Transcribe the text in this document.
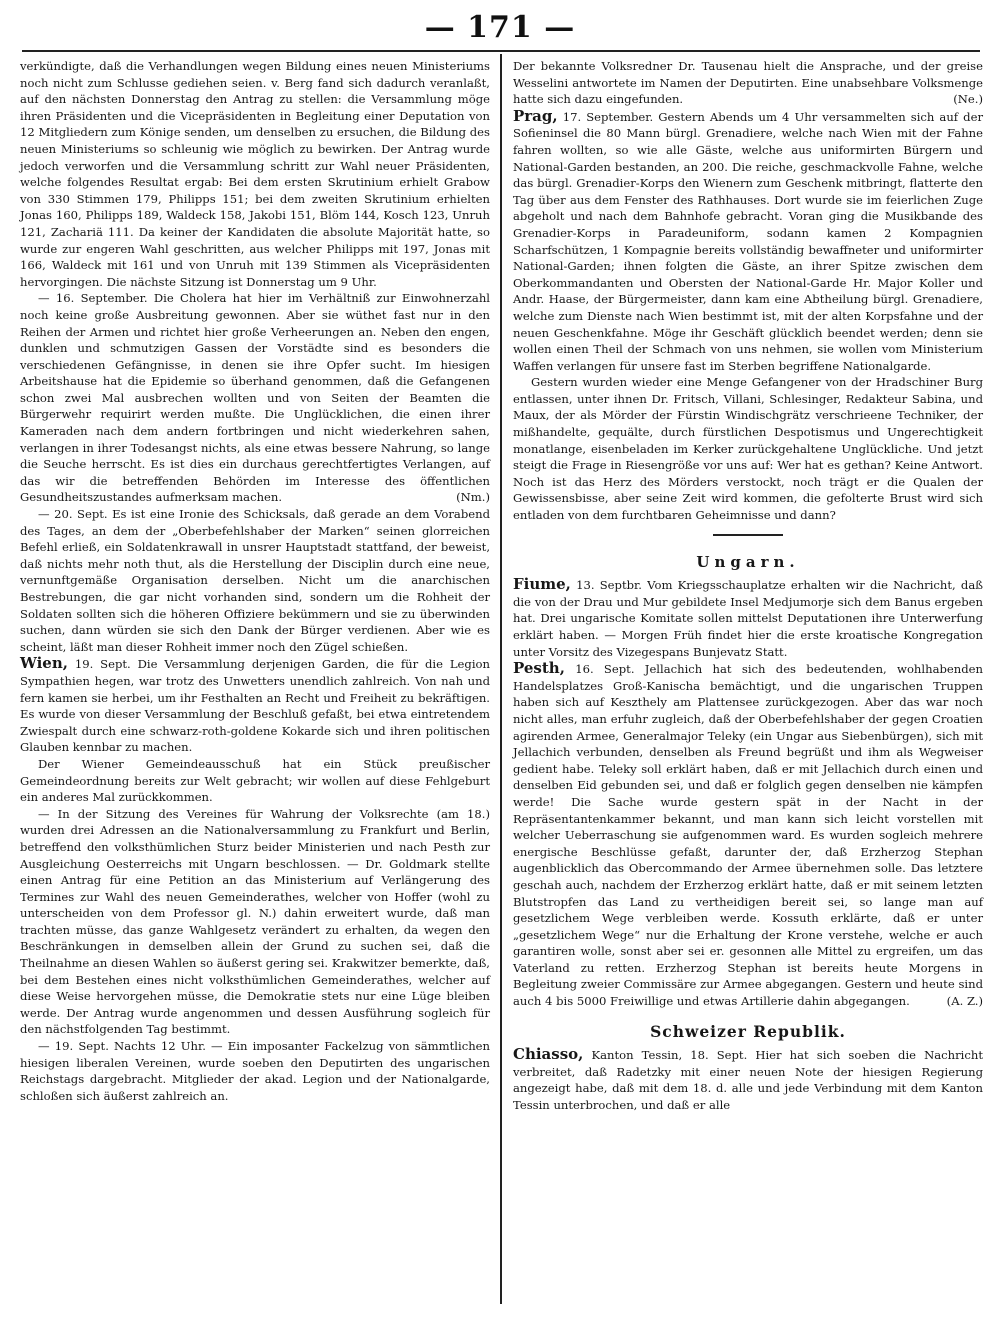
— 171 —

verkündigte, daß die Verhandlungen wegen Bildung eines neuen Ministeriums noch nicht zum Schlusse gediehen seien. v. Berg fand sich dadurch veranlaßt, auf den nächsten Donnerstag den Antrag zu stellen: die Versammlung möge ihren Präsidenten und die Vicepräsidenten in Begleitung einer Deputation von 12 Mitgliedern zum Könige senden, um denselben zu ersuchen, die Bildung des neuen Ministeriums so schleunig wie möglich zu bewirken. Der Antrag wurde jedoch verworfen und die Versammlung schritt zur Wahl neuer Präsidenten, welche folgendes Resultat ergab: Bei dem ersten Skrutinium erhielt Grabow von 330 Stimmen 179, Philipps 151; bei dem zweiten Skrutinium erhielten Jonas 160, Philipps 189, Waldeck 158, Jakobi 151, Blöm 144, Kosch 123, Unruh 121, Zachariä 111. Da keiner der Kandidaten die absolute Majorität hatte, so wurde zur engeren Wahl geschritten, aus welcher Philipps mit 197, Jonas mit 166, Waldeck mit 161 und von Unruh mit 139 Stimmen als Vicepräsidenten hervorgingen. Die nächste Sitzung ist Donnerstag um 9 Uhr.

— 16. September. Die Cholera hat hier im Verhältniß zur Einwohnerzahl noch keine große Ausbreitung gewonnen. Aber sie wüthet fast nur in den Reihen der Armen und richtet hier große Verheerungen an. Neben den engen, dunklen und schmutzigen Gassen der Vorstädte sind es besonders die verschiedenen Gefängnisse, in denen sie ihre Opfer sucht. Im hiesigen Arbeitshause hat die Epidemie so überhand genommen, daß die Gefangenen schon zwei Mal ausbrechen wollten und von Seiten der Beamten die Bürgerwehr requirirt werden mußte. Die Unglücklichen, die einen ihrer Kameraden nach dem andern fortbringen und nicht wiederkehren sahen, verlangen in ihrer Todesangst nichts, als eine etwas bessere Nahrung, so lange die Seuche herrscht. Es ist dies ein durchaus gerechtfertigtes Verlangen, auf das wir die betreffenden Behörden im Interesse des öffentlichen Gesundheitszustandes aufmerksam machen.	(Nm.)

— 20. Sept. Es ist eine Ironie des Schicksals, daß gerade an dem Vorabend des Tages, an dem der „Oberbefehlshaber der Marken“ seinen glorreichen Befehl erließ, ein Soldatenkrawall in unsrer Hauptstadt stattfand, der beweist, daß nichts mehr noth thut, als die Herstellung der Disciplin durch eine neue, vernunftgemäße Organisation derselben. Nicht um die anarchischen Bestrebungen, die gar nicht vorhanden sind, sondern um die Rohheit der Soldaten sollten sich die höheren Offiziere bekümmern und sie zu überwinden suchen, dann würden sie sich den Dank der Bürger verdienen. Aber wie es scheint, läßt man dieser Rohheit immer noch den Zügel schießen.

Wien, 19. Sept. Die Versammlung derjenigen Garden, die für die Legion Sympathien hegen, war trotz des Unwetters unendlich zahlreich. Von nah und fern kamen sie herbei, um ihr Festhalten an Recht und Freiheit zu bekräftigen. Es wurde von dieser Versammlung der Beschluß gefaßt, bei etwa eintretendem Zwiespalt durch eine schwarz-roth-goldene Kokarde sich und ihren politischen Glauben kennbar zu machen.

Der Wiener Gemeindeausschuß hat ein Stück preußischer Gemeindeordnung bereits zur Welt gebracht; wir wollen auf diese Fehlgeburt ein anderes Mal zurückkommen.

— In der Sitzung des Vereines für Wahrung der Volksrechte (am 18.) wurden drei Adressen an die Nationalversammlung zu Frankfurt und Berlin, betreffend den volksthümlichen Sturz beider Ministerien und nach Pesth zur Ausgleichung Oesterreichs mit Ungarn beschlossen. — Dr. Goldmark stellte einen Antrag für eine Petition an das Ministerium auf Verlängerung des Termines zur Wahl des neuen Gemeinderathes, welcher von Hoffer (wohl zu unterscheiden von dem Professor gl. N.) dahin erweitert wurde, daß man trachten müsse, das ganze Wahlgesetz verändert zu erhalten, da wegen den Beschränkungen in demselben allein der Grund zu suchen sei, daß die Theilnahme an diesen Wahlen so äußerst gering sei. Krakwitzer bemerkte, daß, bei dem Bestehen eines nicht volksthümlichen Gemeinderathes, welcher auf diese Weise hervorgehen müsse, die Demokratie stets nur eine Lüge bleiben werde. Der Antrag wurde angenommen und dessen Ausführung sogleich für den nächstfolgenden Tag bestimmt.

— 19. Sept. Nachts 12 Uhr. — Ein imposanter Fackelzug von sämmtlichen hiesigen liberalen Vereinen, wurde soeben den Deputirten des ungarischen Reichstags dargebracht. Mitglieder der akad. Legion und der Nationalgarde, schloßen sich äußerst zahlreich an.

Der bekannte Volksredner Dr. Tausenau hielt die Ansprache, und der greise Wesselini antwortete im Namen der Deputirten. Eine unabsehbare Volksmenge hatte sich dazu eingefunden.	(Ne.)

Prag, 17. September. Gestern Abends um 4 Uhr versammelten sich auf der Sofieninsel die 80 Mann bürgl. Grenadiere, welche nach Wien mit der Fahne fahren wollten, so wie alle Gäste, welche aus uniformirten Bürgern und National-Garden bestanden, an 200. Die reiche, geschmackvolle Fahne, welche das bürgl. Grenadier-Korps den Wienern zum Geschenk mitbringt, flatterte den Tag über aus dem Fenster des Rathhauses. Dort wurde sie im feierlichen Zuge abgeholt und nach dem Bahnhofe gebracht. Voran ging die Musikbande des Grenadier-Korps in Paradeuniform, sodann kamen 2 Kompagnien Scharfschützen, 1 Kompagnie bereits vollständig bewaffneter und uniformirter National-Garden; ihnen folgten die Gäste, an ihrer Spitze zwischen dem Oberkommandanten und Obersten der National-Garde Hr. Major Koller und Andr. Haase, der Bürgermeister, dann kam eine Abtheilung bürgl. Grenadiere, welche zum Dienste nach Wien bestimmt ist, mit der alten Korpsfahne und der neuen Geschenkfahne. Möge ihr Geschäft glücklich beendet werden; denn sie wollen einen Theil der Schmach von uns nehmen, sie wollen vom Ministerium Waffen verlangen für unsere fast im Sterben begriffene Nationalgarde.

Gestern wurden wieder eine Menge Gefangener von der Hradschiner Burg entlassen, unter ihnen Dr. Fritsch, Villani, Schlesinger, Redakteur Sabina, und Maux, der als Mörder der Fürstin Windischgrätz verschrieene Techniker, der mißhandelte, gequälte, durch fürstlichen Despotismus und Ungerechtigkeit monatlange, eisenbeladen im Kerker zurückgehaltene Unglückliche. Und jetzt steigt die Frage in Riesengröße vor uns auf: Wer hat es gethan? Keine Antwort. Noch ist das Herz des Mörders verstockt, noch trägt er die Qualen der Gewissensbisse, aber seine Zeit wird kommen, die gefolterte Brust wird sich entladen von dem furchtbaren Geheimnisse und dann?

Ungarn.

Fiume, 13. Septbr. Vom Kriegsschauplatze erhalten wir die Nachricht, daß die von der Drau und Mur gebildete Insel Medjumorje sich dem Banus ergeben hat. Drei ungarische Komitate sollen mittelst Deputationen ihre Unterwerfung erklärt haben. — Morgen Früh findet hier die erste kroatische Kongregation unter Vorsitz des Vizegespans Bunjevatz Statt.

Pesth, 16. Sept. Jellachich hat sich des bedeutenden, wohlhabenden Handelsplatzes Groß-Kanischa bemächtigt, und die ungarischen Truppen haben sich auf Keszthely am Plattensee zurückgezogen. Aber das war noch nicht alles, man erfuhr zugleich, daß der Oberbefehlshaber der gegen Croatien agirenden Armee, Generalmajor Teleky (ein Ungar aus Siebenbürgen), sich mit Jellachich verbunden, denselben als Freund begrüßt und ihm als Wegweiser gedient habe. Teleky soll erklärt haben, daß er mit Jellachich durch einen und denselben Eid gebunden sei, und daß er folglich gegen denselben nie kämpfen werde! Die Sache wurde gestern spät in der Nacht in der Repräsentantenkammer bekannt, und man kann sich leicht vorstellen mit welcher Ueberraschung sie aufgenommen ward. Es wurden sogleich mehrere energische Beschlüsse gefaßt, darunter der, daß Erzherzog Stephan augenblicklich das Obercommando der Armee übernehmen solle. Das letztere geschah auch, nachdem der Erzherzog erklärt hatte, daß er mit seinem letzten Blutstropfen das Land zu vertheidigen bereit sei, so lange man auf gesetzlichem Wege verbleiben werde. Kossuth erklärte, daß er unter „gesetzlichem Wege“ nur die Erhaltung der Krone verstehe, welche er auch garantiren wolle, sonst aber sei er. gesonnen alle Mittel zu ergreifen, um das Vaterland zu retten. Erzherzog Stephan ist bereits heute Morgens in Begleitung zweier Commissäre zur Armee abgegangen. Gestern und heute sind auch 4 bis 5000 Freiwillige und etwas Artillerie dahin abgegangen.	(A. Z.)

Schweizer Republik.

Chiasso, Kanton Tessin, 18. Sept. Hier hat sich soeben die Nachricht verbreitet, daß Radetzky mit einer neuen Note der hiesigen Regierung angezeigt habe, daß mit dem 18. d. alle und jede Verbindung mit dem Kanton Tessin unterbrochen, und daß er alle
